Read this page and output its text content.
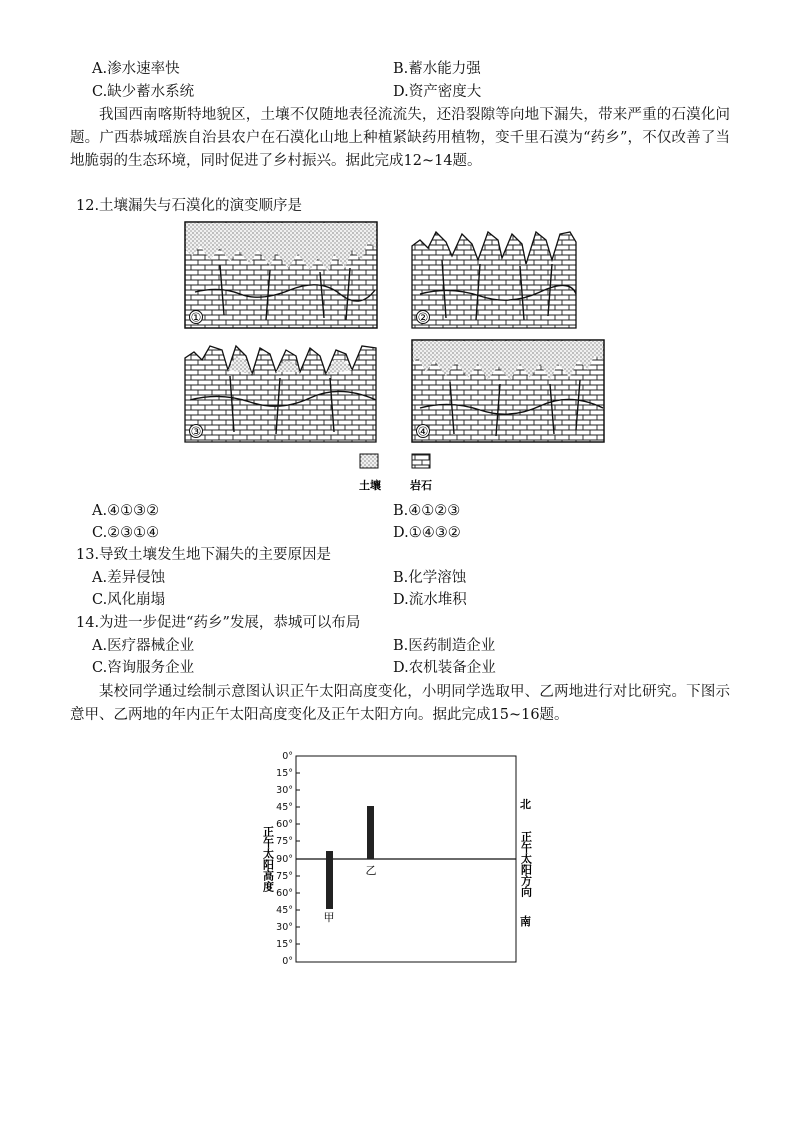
A.渗水速率快	B.蓄水能力强
C.缺少蓄水系统	D.资产密度大
我国西南喀斯特地貌区，土壤不仅随地表径流流失，还沿裂隙等向地下漏失，带来严重的石漠化问题。广西恭城瑶族自治县农户在石漠化山地上种植紧缺药用植物，变千里石漠为“药乡”，不仅改善了当地脆弱的生态环境，同时促进了乡村振兴。据此完成12~14题。
12.土壤漏失与石漠化的演变顺序是
①	②
③	④
土壤	岩石
A.④①③②	B.④①②③
C.②③①④	D.①④③②
13.导致土壤发生地下漏失的主要原因是
A.差异侵蚀	B.化学溶蚀
C.风化崩塌	D.流水堆积
14.为进一步促进“药乡”发展，恭城可以布局
A.医疗器械企业	B.医药制造企业
C.咨询服务企业	D.农机装备企业
某校同学通过绘制示意图认识正午太阳高度变化，小明同学选取甲、乙两地进行对比研究。下图示意甲、乙两地的年内正午太阳高度变化及正午太阳方向。据此完成15~16题。
0°
15°
30°
45°
60°
75°
90°
75°
60°
45°
30°
15°
0°
正午太阳高度
甲
乙
北
南
正午太阳方向
